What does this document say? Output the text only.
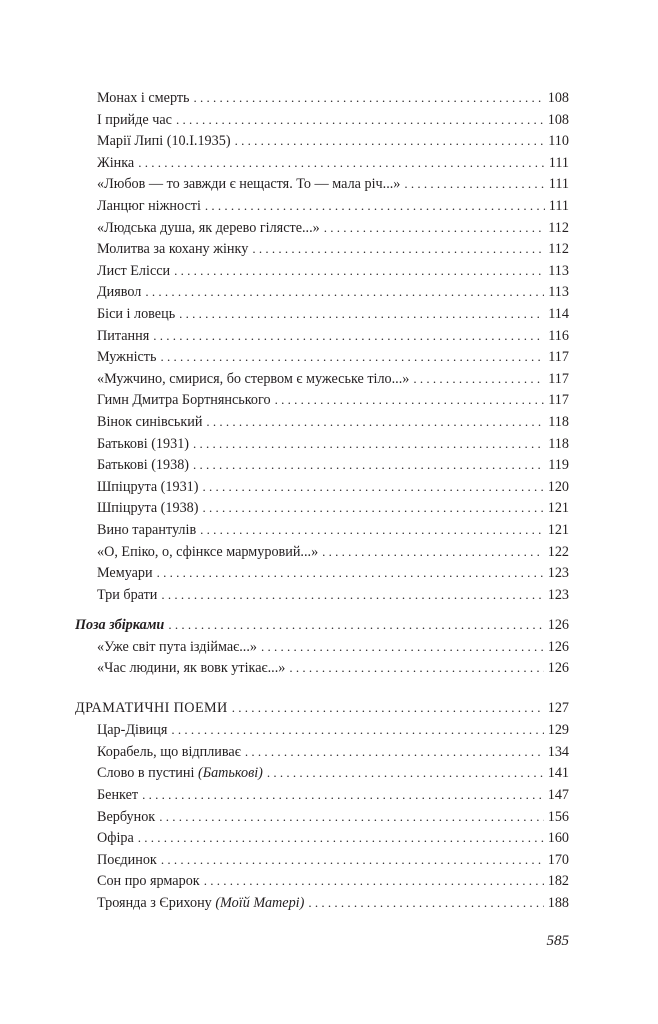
Монах і смерть . . .	108
І прийде час . . .	108
Марії Липі (10.І.1935) . . .	110
Жінка . . .	111
«Любов — то завжди є нещастя. То — мала річ...» . . .	111
Ланцюг ніжності . . .	111
«Людська душа, як дерево гілясте...» . . .	112
Молитва за кохану жінку . . .	112
Лист Елісси . . .	113
Диявол . . .	113
Біси і ловець . . .	114
Питання . . .	116
Мужність . . .	117
«Мужчино, смирися, бо стервом є мужеське тіло...» . . .	117
Гимн Дмитра Бортнянського . . .	117
Вінок синівський . . .	118
Батькові (1931) . . .	118
Батькові (1938) . . .	119
Шпіцрута (1931) . . .	120
Шпіцрута (1938) . . .	121
Вино тарантулів . . .	121
«О, Епіко, о, сфінксе мармуровий...» . . .	122
Мемуари . . .	123
Три брати . . .	123
Поза збірками . . .	126
«Уже світ пута іздіймає...» . . .	126
«Час людини, як вовк утікає...» . . .	126
ДРАМАТИЧНІ ПОЕМИ . . .	127
Цар-Дівиця . . .	129
Корабель, що відпливає . . .	134
Слово в пустині (Батькові) . . .	141
Бенкет . . .	147
Вербунок . . .	156
Офіра . . .	160
Поєдинок . . .	170
Сон про ярмарок . . .	182
Троянда з Єрихону (Моїй Матері) . . .	188
585
